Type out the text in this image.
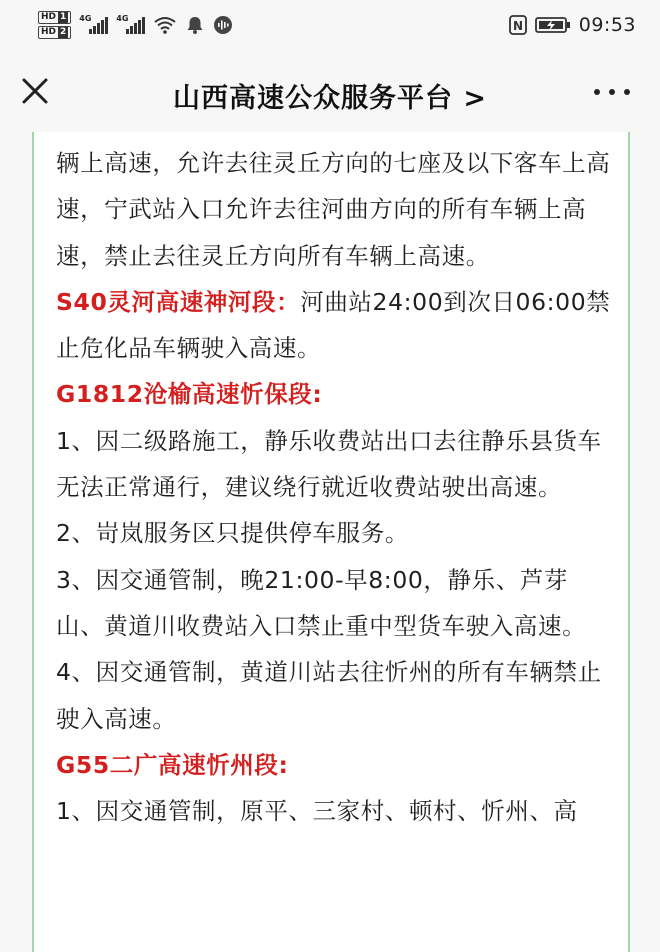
HD 1
HD 2
4G	4G
N	09:53
山西高速公众服务平台 >

辆上高速，允许去往灵丘方向的七座及以下客车上高速，宁武站入口允许去往河曲方向的所有车辆上高速，禁止去往灵丘方向所有车辆上高速。

S40灵河高速神河段：河曲站24:00到次日06:00禁止危化品车辆驶入高速。

G1812沧榆高速忻保段:

1、因二级路施工，静乐收费站出口去往静乐县货车无法正常通行，建议绕行就近收费站驶出高速。

2、岢岚服务区只提供停车服务。

3、因交通管制，晚21:00-早8:00，静乐、芦芽山、黄道川收费站入口禁止重中型货车驶入高速。

4、因交通管制，黄道川站去往忻州的所有车辆禁止驶入高速。

G55二广高速忻州段:

1、因交通管制，原平、三家村、顿村、忻州、高
